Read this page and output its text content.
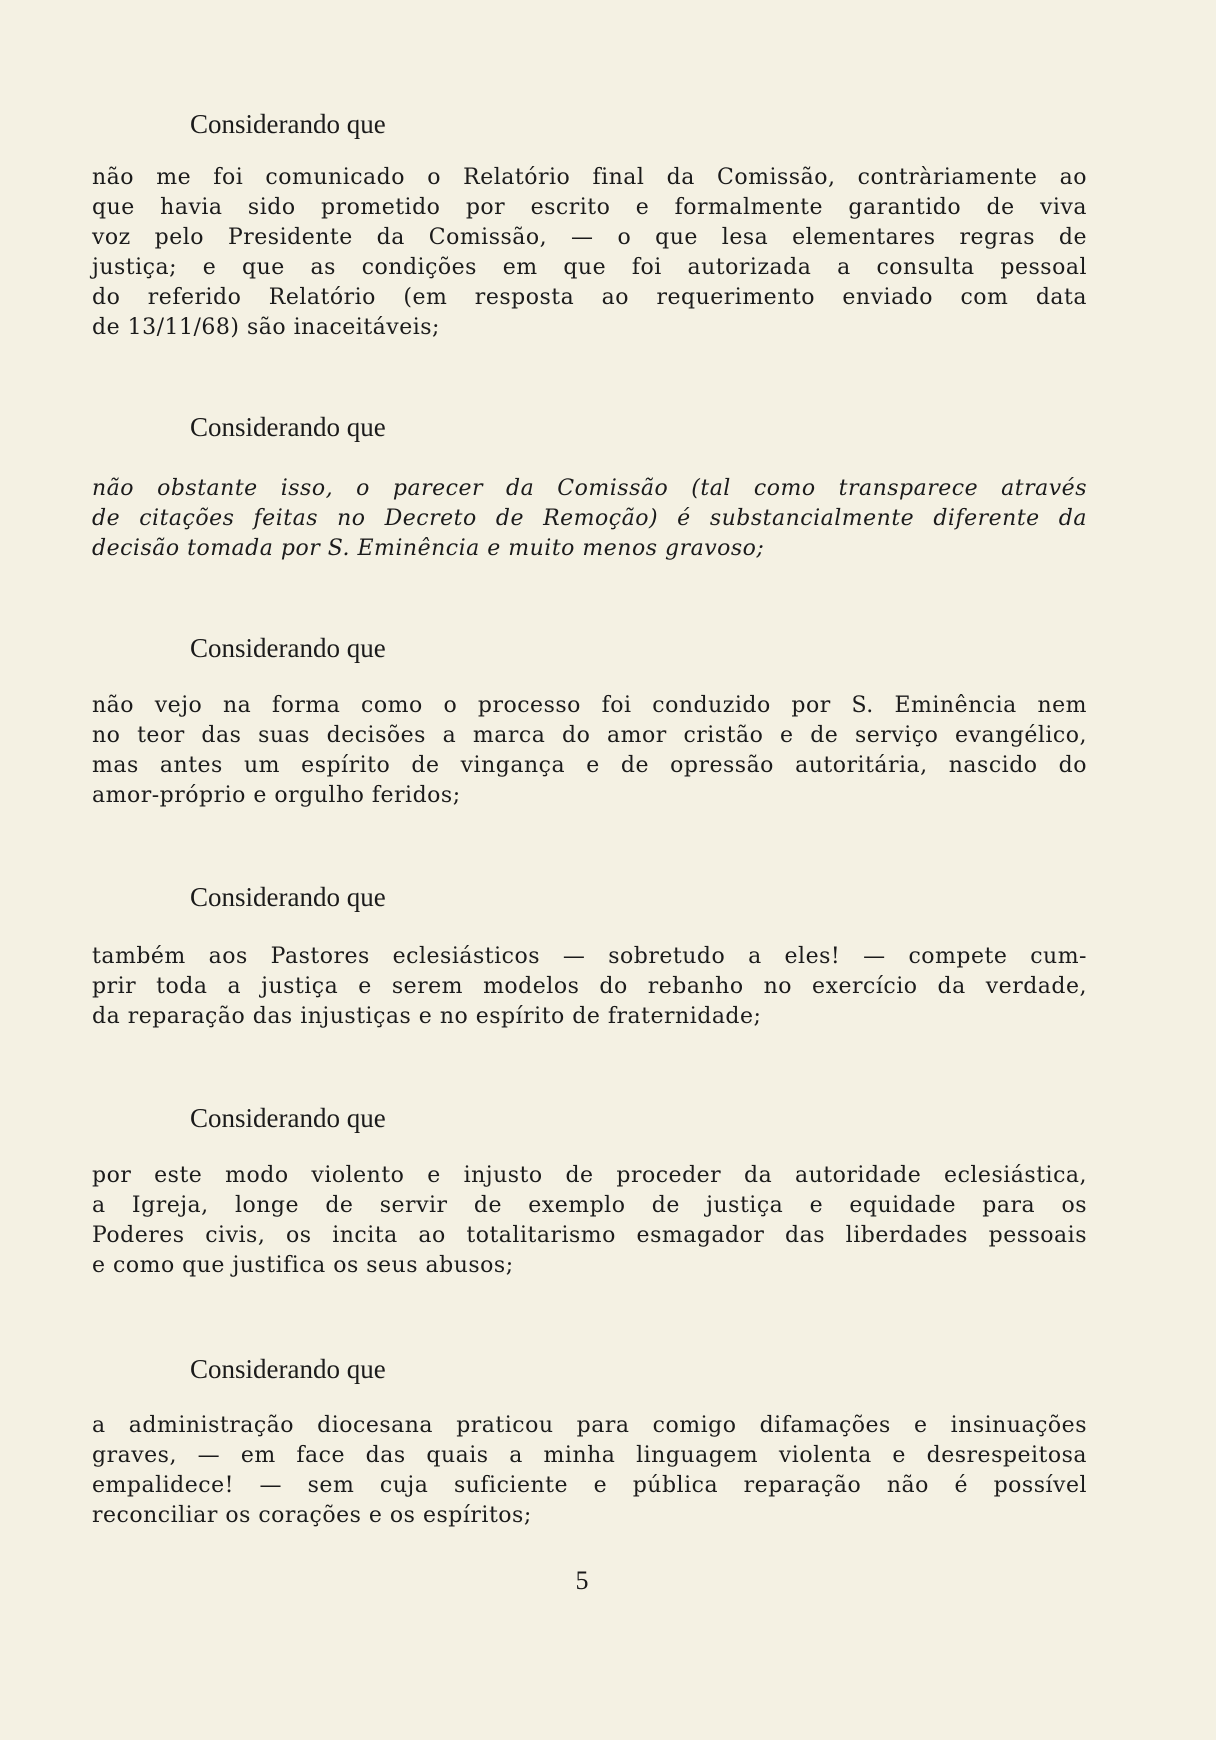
Considerando que
não me foi comunicado o Relatório final da Comissão, contràriamente ao
que havia sido prometido por escrito e formalmente garantido de viva
voz pelo Presidente da Comissão, — o que lesa elementares regras de
justiça; e que as condições em que foi autorizada a consulta pessoal
do referido Relatório (em resposta ao requerimento enviado com data
de 13/11/68) são inaceitáveis;
Considerando que
não obstante isso, o parecer da Comissão (tal como transparece através
de citações feitas no Decreto de Remoção) é substancialmente diferente da
decisão tomada por S. Eminência e muito menos gravoso;
Considerando que
não vejo na forma como o processo foi conduzido por S. Eminência nem
no teor das suas decisões a marca do amor cristão e de serviço evangélico,
mas antes um espírito de vingança e de opressão autoritária, nascido do
amor-próprio e orgulho feridos;
Considerando que
também aos Pastores eclesiásticos — sobretudo a eles! — compete cum-
prir toda a justiça e serem modelos do rebanho no exercício da verdade,
da reparação das injustiças e no espírito de fraternidade;
Considerando que
por este modo violento e injusto de proceder da autoridade eclesiástica,
a Igreja, longe de servir de exemplo de justiça e equidade para os
Poderes civis, os incita ao totalitarismo esmagador das liberdades pessoais
e como que justifica os seus abusos;
Considerando que
a administração diocesana praticou para comigo difamações e insinuações
graves, — em face das quais a minha linguagem violenta e desrespeitosa
empalidece! — sem cuja suficiente e pública reparação não é possível
reconciliar os corações e os espíritos;
5
